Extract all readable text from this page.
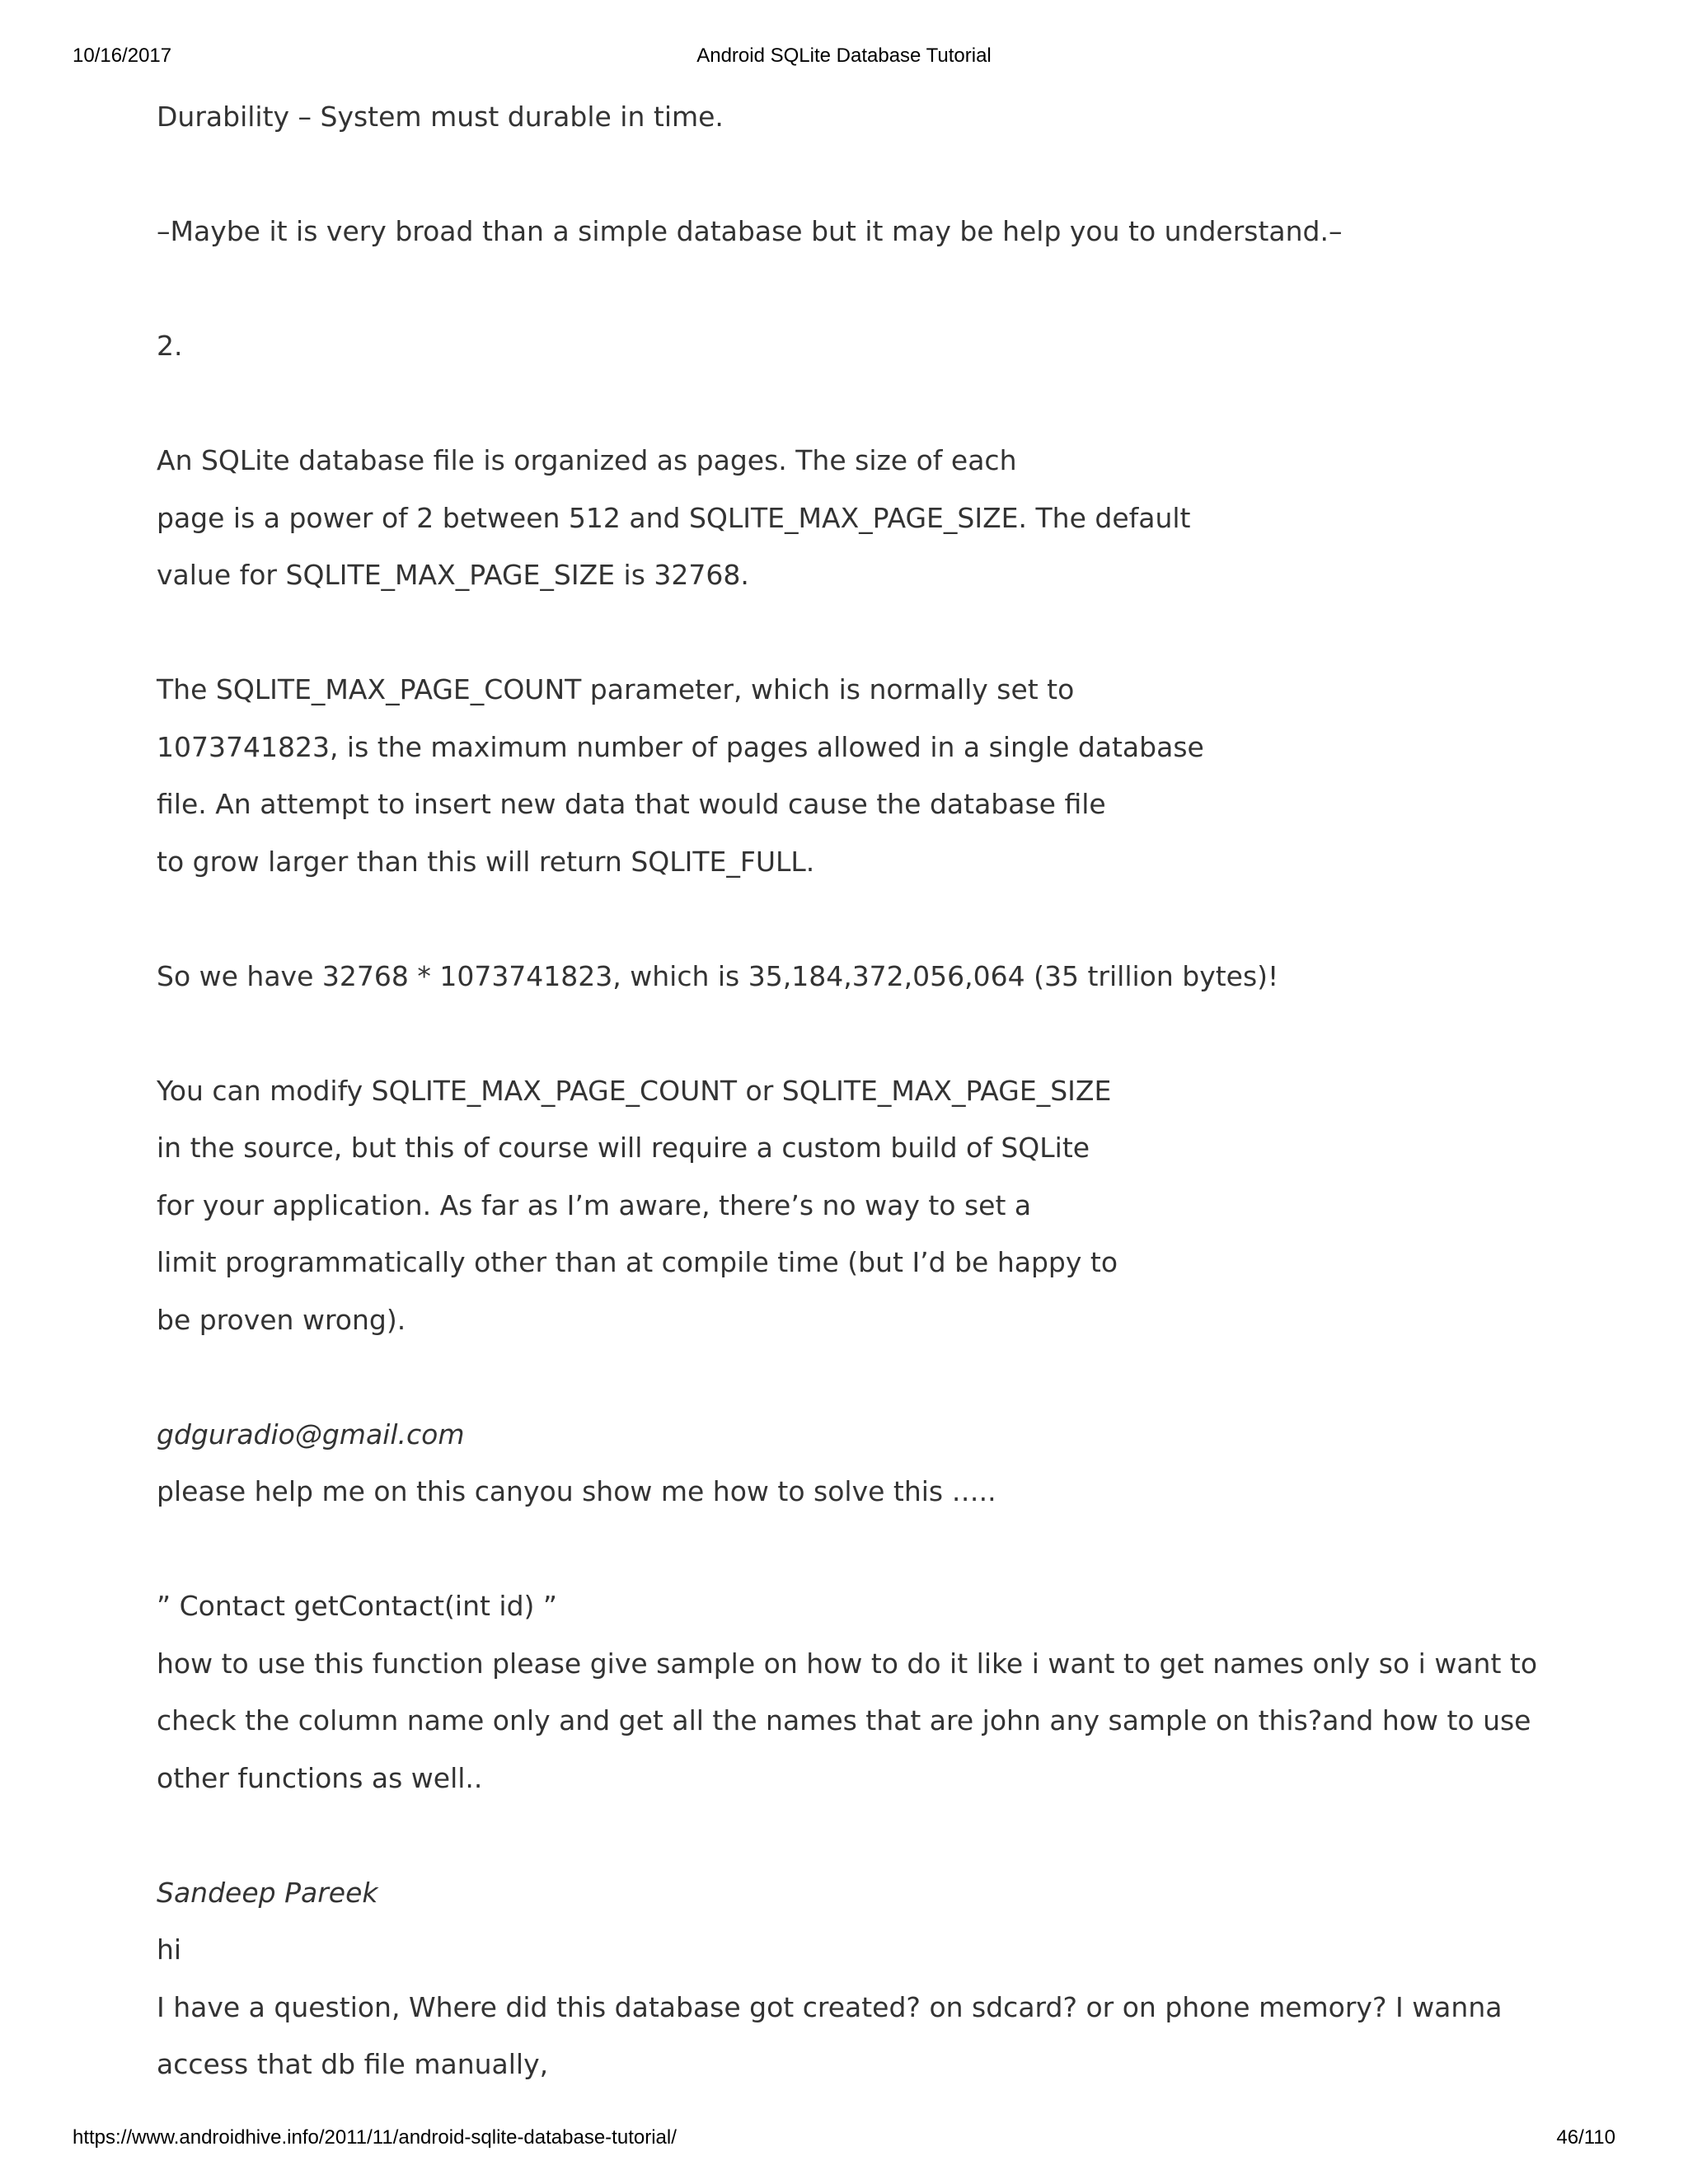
10/16/2017	Android SQLite Database Tutorial
Durability – System must durable in time.
–Maybe it is very broad than a simple database but it may be help you to understand.–
2.
An SQLite database file is organized as pages. The size of each
page is a power of 2 between 512 and SQLITE_MAX_PAGE_SIZE. The default
value for SQLITE_MAX_PAGE_SIZE is 32768.
The SQLITE_MAX_PAGE_COUNT parameter, which is normally set to
1073741823, is the maximum number of pages allowed in a single database
file. An attempt to insert new data that would cause the database file
to grow larger than this will return SQLITE_FULL.
So we have 32768 * 1073741823, which is 35,184,372,056,064 (35 trillion bytes)!
You can modify SQLITE_MAX_PAGE_COUNT or SQLITE_MAX_PAGE_SIZE
in the source, but this of course will require a custom build of SQLite
for your application. As far as I’m aware, there’s no way to set a
limit programmatically other than at compile time (but I’d be happy to
be proven wrong).
gdguradio@gmail.com
please help me on this canyou show me how to solve this …..
” Contact getContact(int id) ”
how to use this function please give sample on how to do it like i want to get names only so i want to
check the column name only and get all the names that are john any sample on this?and how to use
other functions as well..
Sandeep Pareek
hi
I have a question, Where did this database got created? on sdcard? or on phone memory? I wanna
access that db file manually,
https://www.androidhive.info/2011/11/android-sqlite-database-tutorial/	46/110
